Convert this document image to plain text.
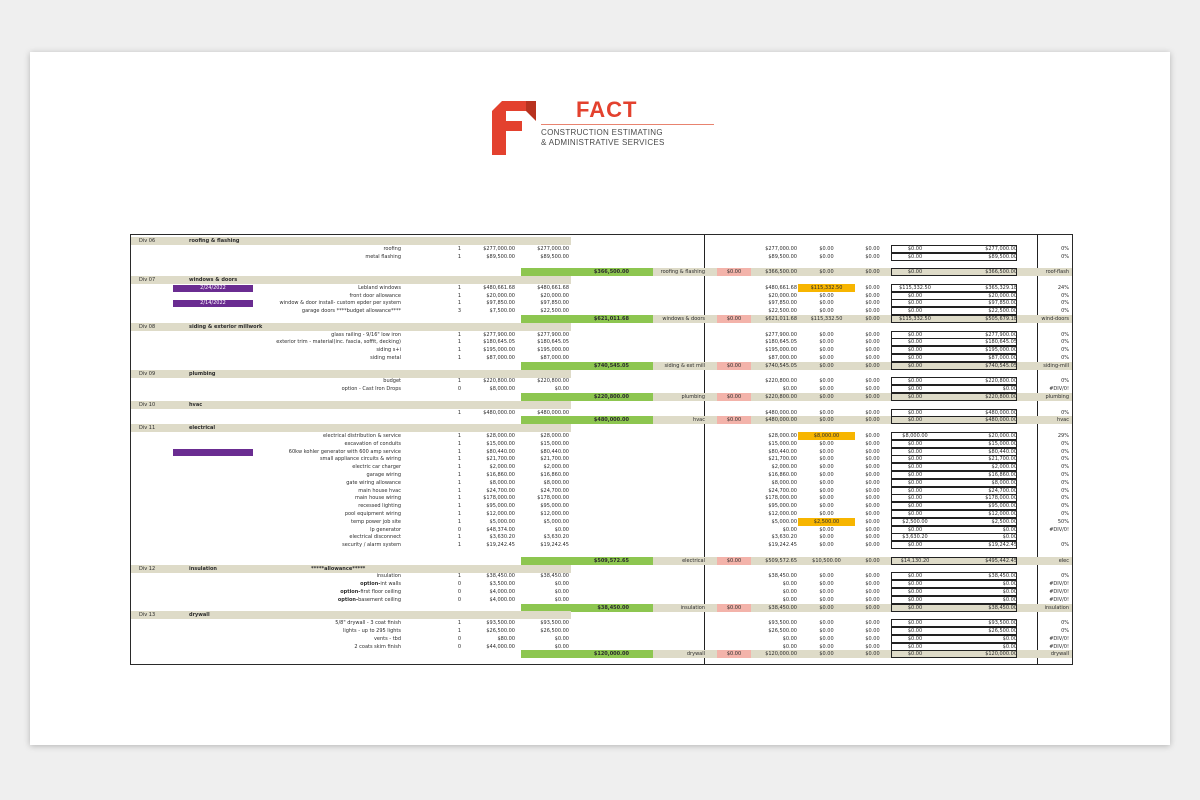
FACT
CONSTRUCTION ESTIMATING
& ADMINISTRATIVE SERVICES
Div 06	roofing & flashing
roofing	1	$277,000.00	$277,000.00	$277,000.00	$0.00	$0.00	$0.00	$277,000.00	0%
metal flashing	1	$89,500.00	$89,500.00	$89,500.00	$0.00	$0.00	$0.00	$89,500.00	0%
$366,500.00	roofing & flashing	$0.00	$366,500.00	$0.00	$0.00	$0.00	$366,500.00	roof-flash
Div 07	windows & doors
2/24/2022	Lebland windows	1	$480,661.68	$480,661.68	$480,661.68	$115,332.50	$0.00	$115,332.50	$365,329.18	24%
front door allowance	1	$20,000.00	$20,000.00	$20,000.00	$0.00	$0.00	$0.00	$20,000.00	0%
2/14/2022	window & door install- custom epder per system	1	$97,850.00	$97,850.00	$97,850.00	$0.00	$0.00	$0.00	$97,850.00	0%
garage doors ****budget allowance****	3	$7,500.00	$22,500.00	$22,500.00	$0.00	$0.00	$0.00	$22,500.00	0%
$621,011.68	windows & doors	$0.00	$621,011.68	$115,332.50	$0.00	$115,332.50	$505,679.18	wind-doors
Div 08	siding & exterior millwork
glass railing - 9/16" low iron	1	$277,900.00	$277,900.00	$277,900.00	$0.00	$0.00	$0.00	$277,900.00	0%
exterior trim - material(inc. fascia, soffit, decking)	1	$180,645.05	$180,645.05	$180,645.05	$0.00	$0.00	$0.00	$180,645.05	0%
siding s+i	1	$195,000.00	$195,000.00	$195,000.00	$0.00	$0.00	$0.00	$195,000.00	0%
siding metal	1	$87,000.00	$87,000.00	$87,000.00	$0.00	$0.00	$0.00	$87,000.00	0%
$740,545.05	siding & ext mill	$0.00	$740,545.05	$0.00	$0.00	$0.00	$740,545.05	siding-mill
Div 09	plumbing
budget	1	$220,800.00	$220,800.00	$220,800.00	$0.00	$0.00	$0.00	$220,800.00	0%
option - Cast Iron Drops	0	$8,000.00	$0.00	$0.00	$0.00	$0.00	$0.00	$0.00	#DIV/0!
$220,800.00	plumbing	$0.00	$220,800.00	$0.00	$0.00	$0.00	$220,800.00	plumbing
Div 10	hvac
1	$480,000.00	$480,000.00	$480,000.00	$0.00	$0.00	$0.00	$480,000.00	0%
$480,000.00	hvac	$0.00	$480,000.00	$0.00	$0.00	$0.00	$480,000.00	hvac
Div 11	electrical
electrical distribution & service	1	$28,000.00	$28,000.00	$28,000.00	$8,000.00	$0.00	$8,000.00	$20,000.00	29%
excavation of conduits	1	$15,000.00	$15,000.00	$15,000.00	$0.00	$0.00	$0.00	$15,000.00	0%
60kw kohler generator with 600 amp service	1	$80,440.00	$80,440.00	$80,440.00	$0.00	$0.00	$0.00	$80,440.00	0%
small appliance circuits & wiring	1	$21,700.00	$21,700.00	$21,700.00	$0.00	$0.00	$0.00	$21,700.00	0%
electric car charger	1	$2,000.00	$2,000.00	$2,000.00	$0.00	$0.00	$0.00	$2,000.00	0%
garage wiring	1	$16,860.00	$16,860.00	$16,860.00	$0.00	$0.00	$0.00	$16,860.00	0%
gate wiring allowance	1	$8,000.00	$8,000.00	$8,000.00	$0.00	$0.00	$0.00	$8,000.00	0%
main house hvac	1	$24,700.00	$24,700.00	$24,700.00	$0.00	$0.00	$0.00	$24,700.00	0%
main house wiring	1	$178,000.00	$178,000.00	$178,000.00	$0.00	$0.00	$0.00	$178,000.00	0%
recessed lighting	1	$95,000.00	$95,000.00	$95,000.00	$0.00	$0.00	$0.00	$95,000.00	0%
pool equipment wiring	1	$12,000.00	$12,000.00	$12,000.00	$0.00	$0.00	$0.00	$12,000.00	0%
temp power job site	1	$5,000.00	$5,000.00	$5,000.00	$2,500.00	$0.00	$2,500.00	$2,500.00	50%
lp generator	0	$48,374.00	$0.00	$0.00	$0.00	$0.00	$0.00	$0.00	#DIV/0!
electrical disconnect	1	$3,630.20	$3,630.20	$3,630.20	$0.00	$0.00	$3,630.20	$0.00
security / alarm system	1	$19,242.45	$19,242.45	$19,242.45	$0.00	$0.00	$0.00	$19,242.45	0%
$509,572.65	electrical	$0.00	$509,572.65	$10,500.00	$0.00	$14,130.20	$495,442.45	elec
Div 12	insulation	*****allowance*****
insulation	1	$38,450.00	$38,450.00	$38,450.00	$0.00	$0.00	$0.00	$38,450.00	0%
option-int walls	0	$3,500.00	$0.00	$0.00	$0.00	$0.00	$0.00	$0.00	#DIV/0!
option-first floor ceiling	0	$4,000.00	$0.00	$0.00	$0.00	$0.00	$0.00	$0.00	#DIV/0!
option-basement ceiling	0	$4,000.00	$0.00	$0.00	$0.00	$0.00	$0.00	$0.00	#DIV/0!
$38,450.00	insulation	$0.00	$38,450.00	$0.00	$0.00	$0.00	$38,450.00	insulation
Div 13	drywall
5/8" drywall - 3 coat finish	1	$93,500.00	$93,500.00	$93,500.00	$0.00	$0.00	$0.00	$93,500.00	0%
lights - up to 295 lights	1	$26,500.00	$26,500.00	$26,500.00	$0.00	$0.00	$0.00	$26,500.00	0%
vents - tbd	0	$80.00	$0.00	$0.00	$0.00	$0.00	$0.00	$0.00	#DIV/0!
2 coats skim finish	0	$44,000.00	$0.00	$0.00	$0.00	$0.00	$0.00	$0.00	#DIV/0!
$120,000.00	drywall	$0.00	$120,000.00	$0.00	$0.00	$0.00	$120,000.00	drywall
